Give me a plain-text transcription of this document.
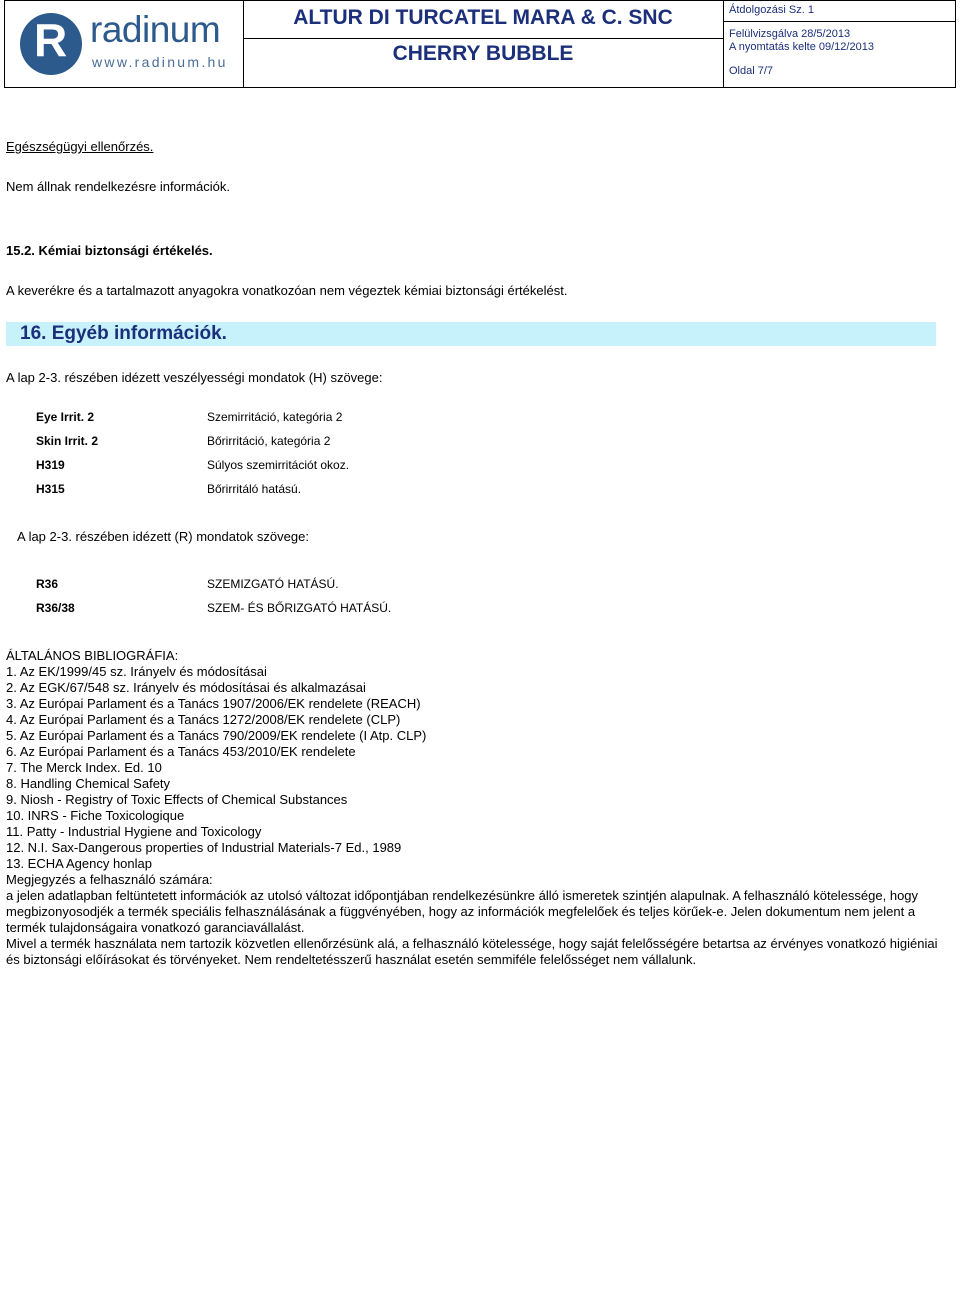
R radinum
www.radinum.hu
ALTUR DI TURCATEL MARA & C. SNC
CHERRY BUBBLE
Átdolgozási Sz. 1
Felülvizsgálva 28/5/2013
A nyomtatás kelte 09/12/2013
Oldal 7/7
Egészségügyi ellenőrzés.
Nem állnak rendelkezésre információk.
15.2. Kémiai biztonsági értékelés.
A keverékre és a tartalmazott anyagokra vonatkozóan nem végeztek kémiai biztonsági értékelést.
16. Egyéb információk.
A lap 2-3. részében idézett veszélyességi mondatok (H) szövege:
Eye Irrit. 2	Szemirritáció, kategória 2
Skin Irrit. 2	Bőrirritáció, kategória 2
H319	Súlyos szemirritációt okoz.
H315	Bőrirritáló hatású.
A lap 2-3. részében idézett (R) mondatok szövege:
R36	SZEMIZGATÓ HATÁSÚ.
R36/38	SZEM- ÉS BŐRIZGATÓ HATÁSÚ.
ÁLTALÁNOS BIBLIOGRÁFIA:
1. Az EK/1999/45 sz. Irányelv és módosításai
2. Az EGK/67/548 sz. Irányelv és módosításai és alkalmazásai
3. Az Európai Parlament és a Tanács 1907/2006/EK rendelete (REACH)
4. Az Európai Parlament és a Tanács 1272/2008/EK rendelete (CLP)
5. Az Európai Parlament és a Tanács 790/2009/EK rendelete (I Atp. CLP)
6. Az Európai Parlament és a Tanács 453/2010/EK rendelete
7. The Merck Index. Ed. 10
8. Handling Chemical Safety
9. Niosh - Registry of Toxic Effects of Chemical Substances
10. INRS - Fiche Toxicologique
11. Patty - Industrial Hygiene and Toxicology
12. N.I. Sax-Dangerous properties of Industrial Materials-7 Ed., 1989
13. ECHA Agency honlap
Megjegyzés a felhasználó számára:
a jelen adatlapban feltüntetett információk az utolsó változat időpontjában rendelkezésünkre álló ismeretek szintjén alapulnak. A felhasználó kötelessége, hogy megbizonyosodjék a termék speciális felhasználásának a függvényében, hogy az információk megfelelőek és teljes körűek-e. Jelen dokumentum nem jelent a termék tulajdonságaira vonatkozó garanciavállalást.
Mivel a termék használata nem tartozik közvetlen ellenőrzésünk alá, a felhasználó kötelessége, hogy saját felelősségére betartsa az érvényes vonatkozó higiéniai és biztonsági előírásokat és törvényeket. Nem rendeltetésszerű használat esetén semmiféle felelősséget nem vállalunk.
